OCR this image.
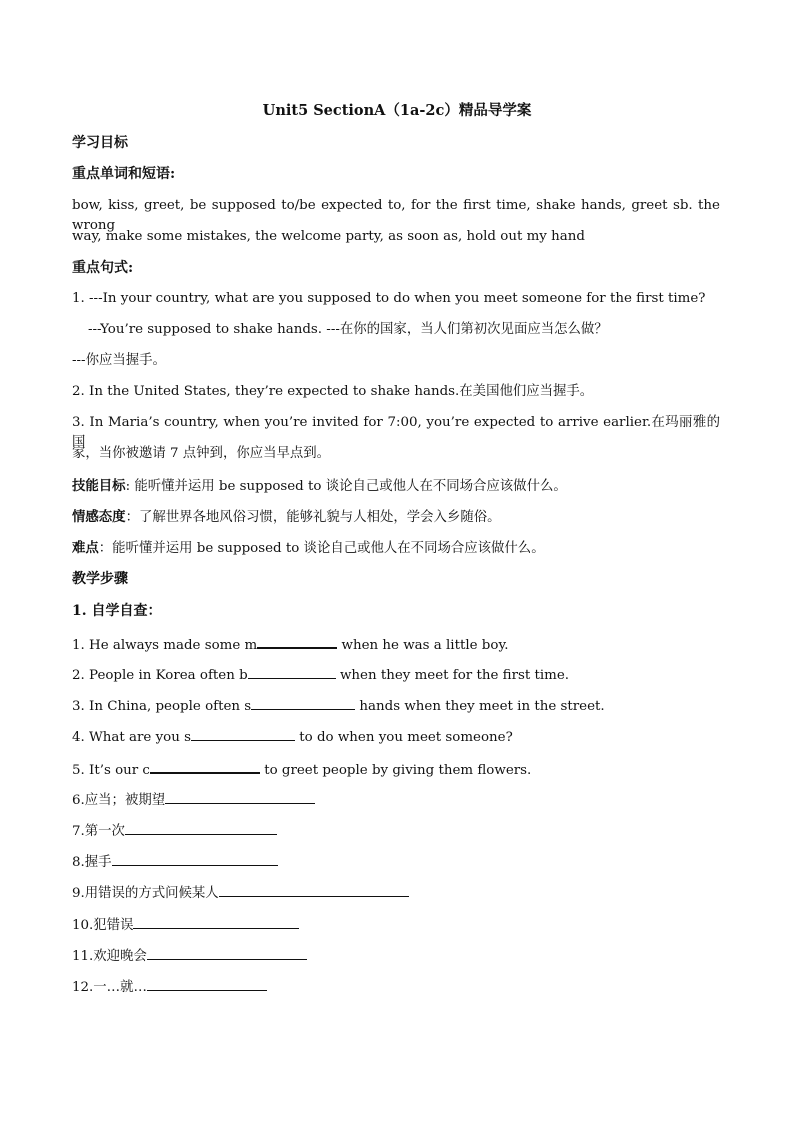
Unit5 SectionA（1a-2c）精品导学案
学习目标
重点单词和短语:
bow, kiss, greet, be supposed to/be expected to, for the first time, shake hands, greet sb. the wrong
way, make some mistakes, the welcome party, as soon as, hold out my hand
重点句式:
1. ---In your country, what are you supposed to do when you meet someone for the first time?
---You’re supposed to shake hands. ---在你的国家，当人们第初次见面应当怎么做？
---你应当握手。
2. In the United States, they’re expected to shake hands.在美国他们应当握手。
3. In Maria’s country, when you’re invited for 7:00, you’re expected to arrive earlier.在玛丽雅的国
家，当你被邀请 7 点钟到，你应当早点到。
技能目标: 能听懂并运用 be supposed to 谈论自己或他人在不同场合应该做什么。
情感态度：了解世界各地风俗习惯，能够礼貌与人相处，学会入乡随俗。
难点：能听懂并运用 be supposed to 谈论自己或他人在不同场合应该做什么。
教学步骤
1. 自学自查：
1. He always made some m	when he was a little boy.
2. People in Korea often b	when they meet for the first time.
3. In China, people often s	hands when they meet in the street.
4. What are you s	to do when you meet someone?
5. It’s our c	to greet people by giving them flowers.
6.应当；被期望
7.第一次
8.握手
9.用错误的方式问候某人
10.犯错误
11.欢迎晚会
12.一…就…
